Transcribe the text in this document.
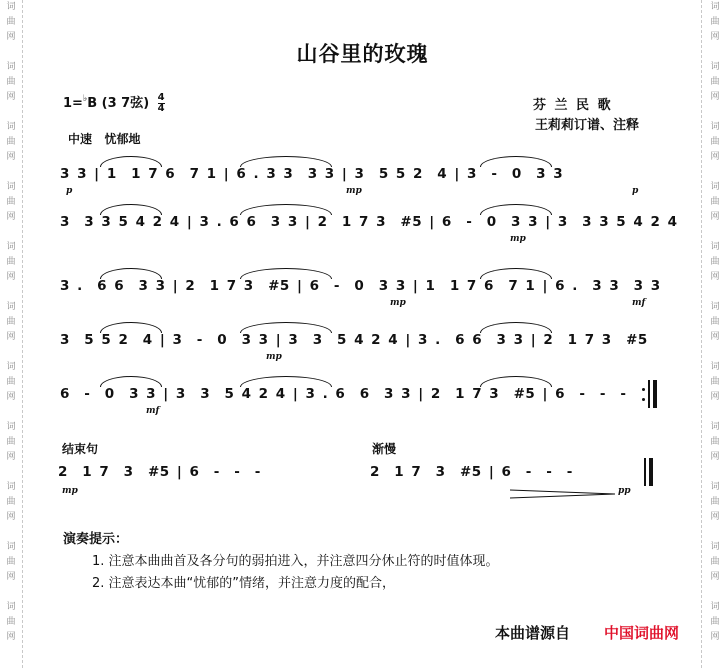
词
曲
网
词
曲
网
词
曲
网
词
曲
网
词
曲
网
词
曲
网
词
曲
网
词
曲
网
词
曲
网
词
曲
网
词
曲
网
词
曲
网
词
曲
网
词
曲
网
词
曲
网
词
曲
网
词
曲
网
词
曲
网
词
曲
网
词
曲
网
词
曲
网
词
曲
网
山谷里的玫瑰
1=♭B (3 7弦) $\frac{4}{4}$	芬 兰 民 歌
王莉莉订谱、注释
中速   忧郁地
3 3 | 1  1 7 6  7 1 | 6 . 3 3  3 3 | 3  5 5 2  4 | 3  -  0  3 3
p	mp	p
3  3 3 5 4 2 4 | 3 . 6 6  3 3 | 2  1 7 3  #5 | 6  -  0  3 3 | 3  3 3 5 4 2 4
mp
3 .  6 6  3 3 | 2  1 7 3  #5 | 6  -  0  3 3 | 1  1 7 6  7 1 | 6 .  3 3  3 3
mp	mf
3  5 5 2  4 | 3  -  0  3 3 | 3  3  5 4 2 4 | 3 .  6 6  3 3 | 2  1 7 3  #5
mp
6  -  0  3 3 | 3  3  5 4 2 4 | 3 . 6  6  3 3 | 2  1 7 3  #5 | 6  -  -  -
mf
结束句	渐慢
2  1 7  3  #5 | 6  -  -  -
mp
2  1 7  3  #5 | 6  -  -  -
pp
演奏提示：
1. 注意本曲曲首及各分句的弱拍进入，并注意四分休止符的时值体现。
2. 注意表达本曲“忧郁的”情绪，并注意力度的配合，
本曲谱源自 中国词曲网
